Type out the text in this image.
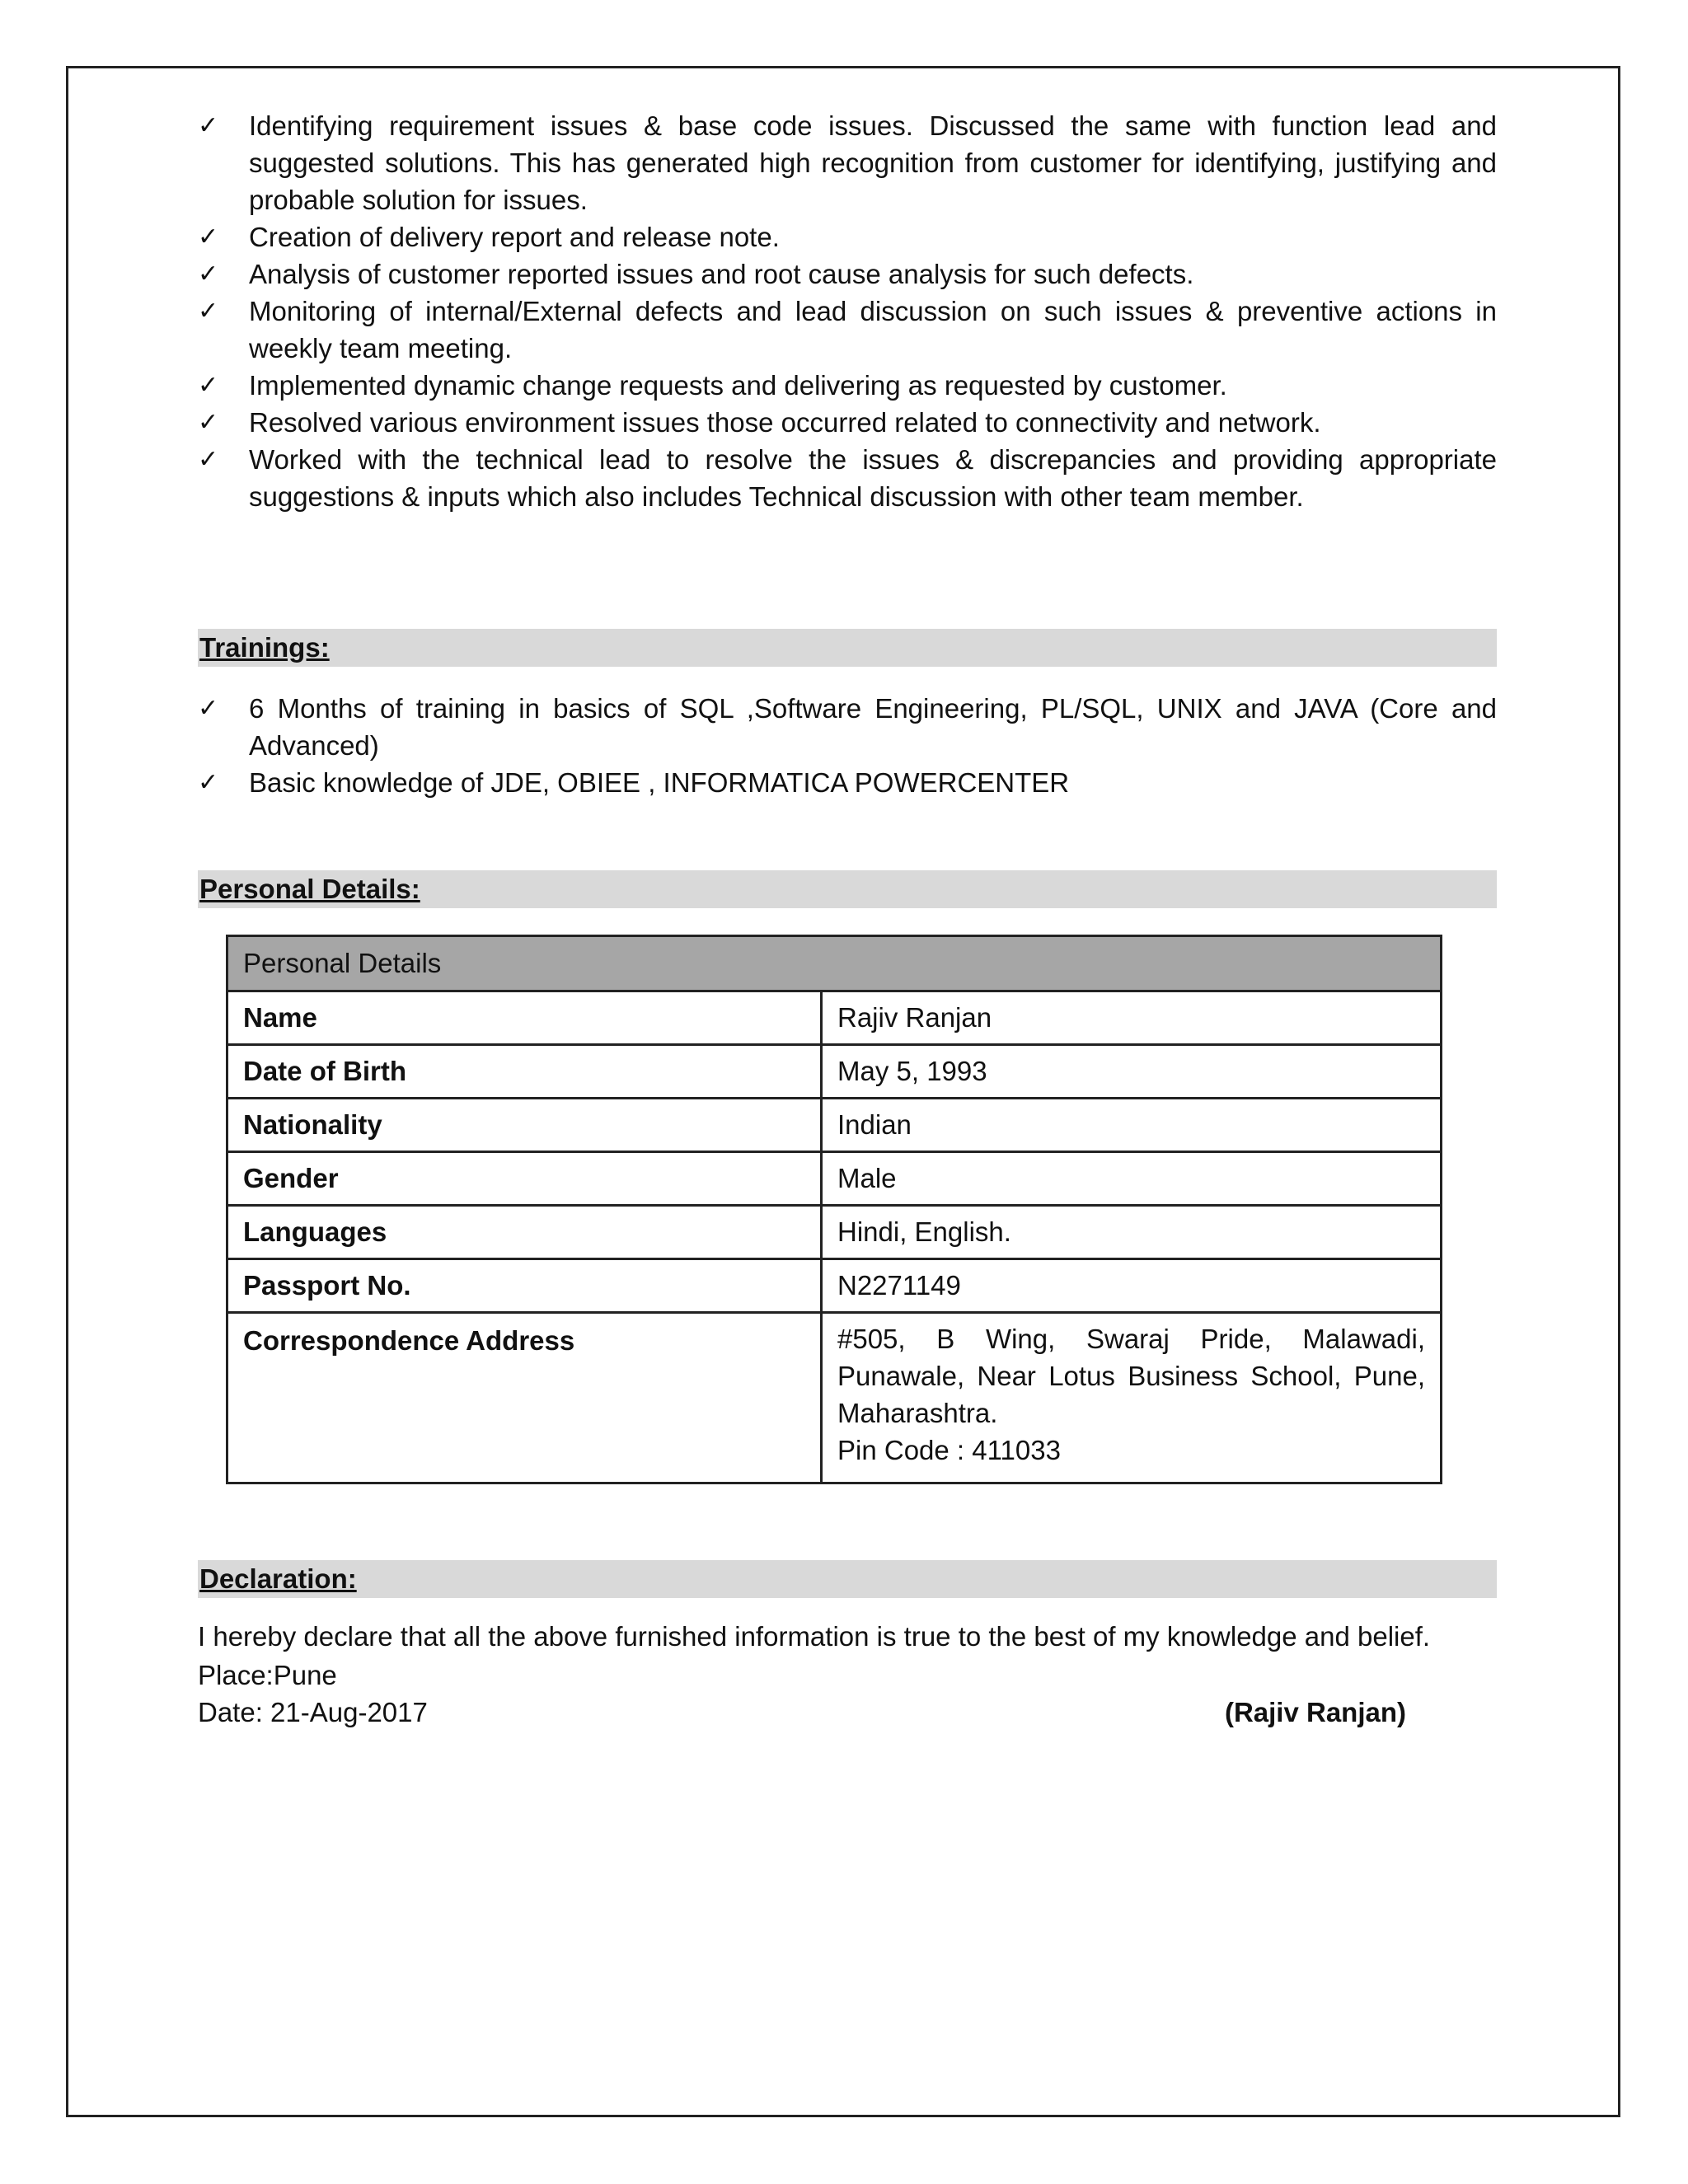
✓ Identifying requirement issues & base code issues. Discussed the same with function lead and suggested solutions. This has generated high recognition from customer for identifying, justifying and probable solution for issues.
✓ Creation of delivery report and release note.
✓ Analysis of customer reported issues and root cause analysis for such defects.
✓ Monitoring of internal/External defects and lead discussion on such issues & preventive actions in weekly team meeting.
✓ Implemented dynamic change requests and delivering as requested by customer.
✓ Resolved various environment issues those occurred related to connectivity and network.
✓ Worked with the technical lead to resolve the issues & discrepancies and providing appropriate suggestions & inputs which also includes Technical discussion with other team member.
Trainings:
✓ 6 Months of training in basics of SQL ,Software Engineering, PL/SQL, UNIX and JAVA (Core and Advanced)
✓ Basic knowledge of JDE, OBIEE , INFORMATICA POWERCENTER
Personal Details:
Personal Details	
Name	Rajiv Ranjan
Date of Birth	May 5, 1993
Nationality	Indian
Gender	Male
Languages	Hindi, English.
Passport No.	N2271149
Correspondence Address	#505, B Wing, Swaraj Pride, Malawadi, Punawale, Near Lotus Business School, Pune, Maharashtra.
Pin Code : 411033
Declaration:
I hereby declare that all the above furnished information is true to the best of my knowledge and belief.
Place:Pune
Date: 21-Aug-2017	(Rajiv Ranjan)
